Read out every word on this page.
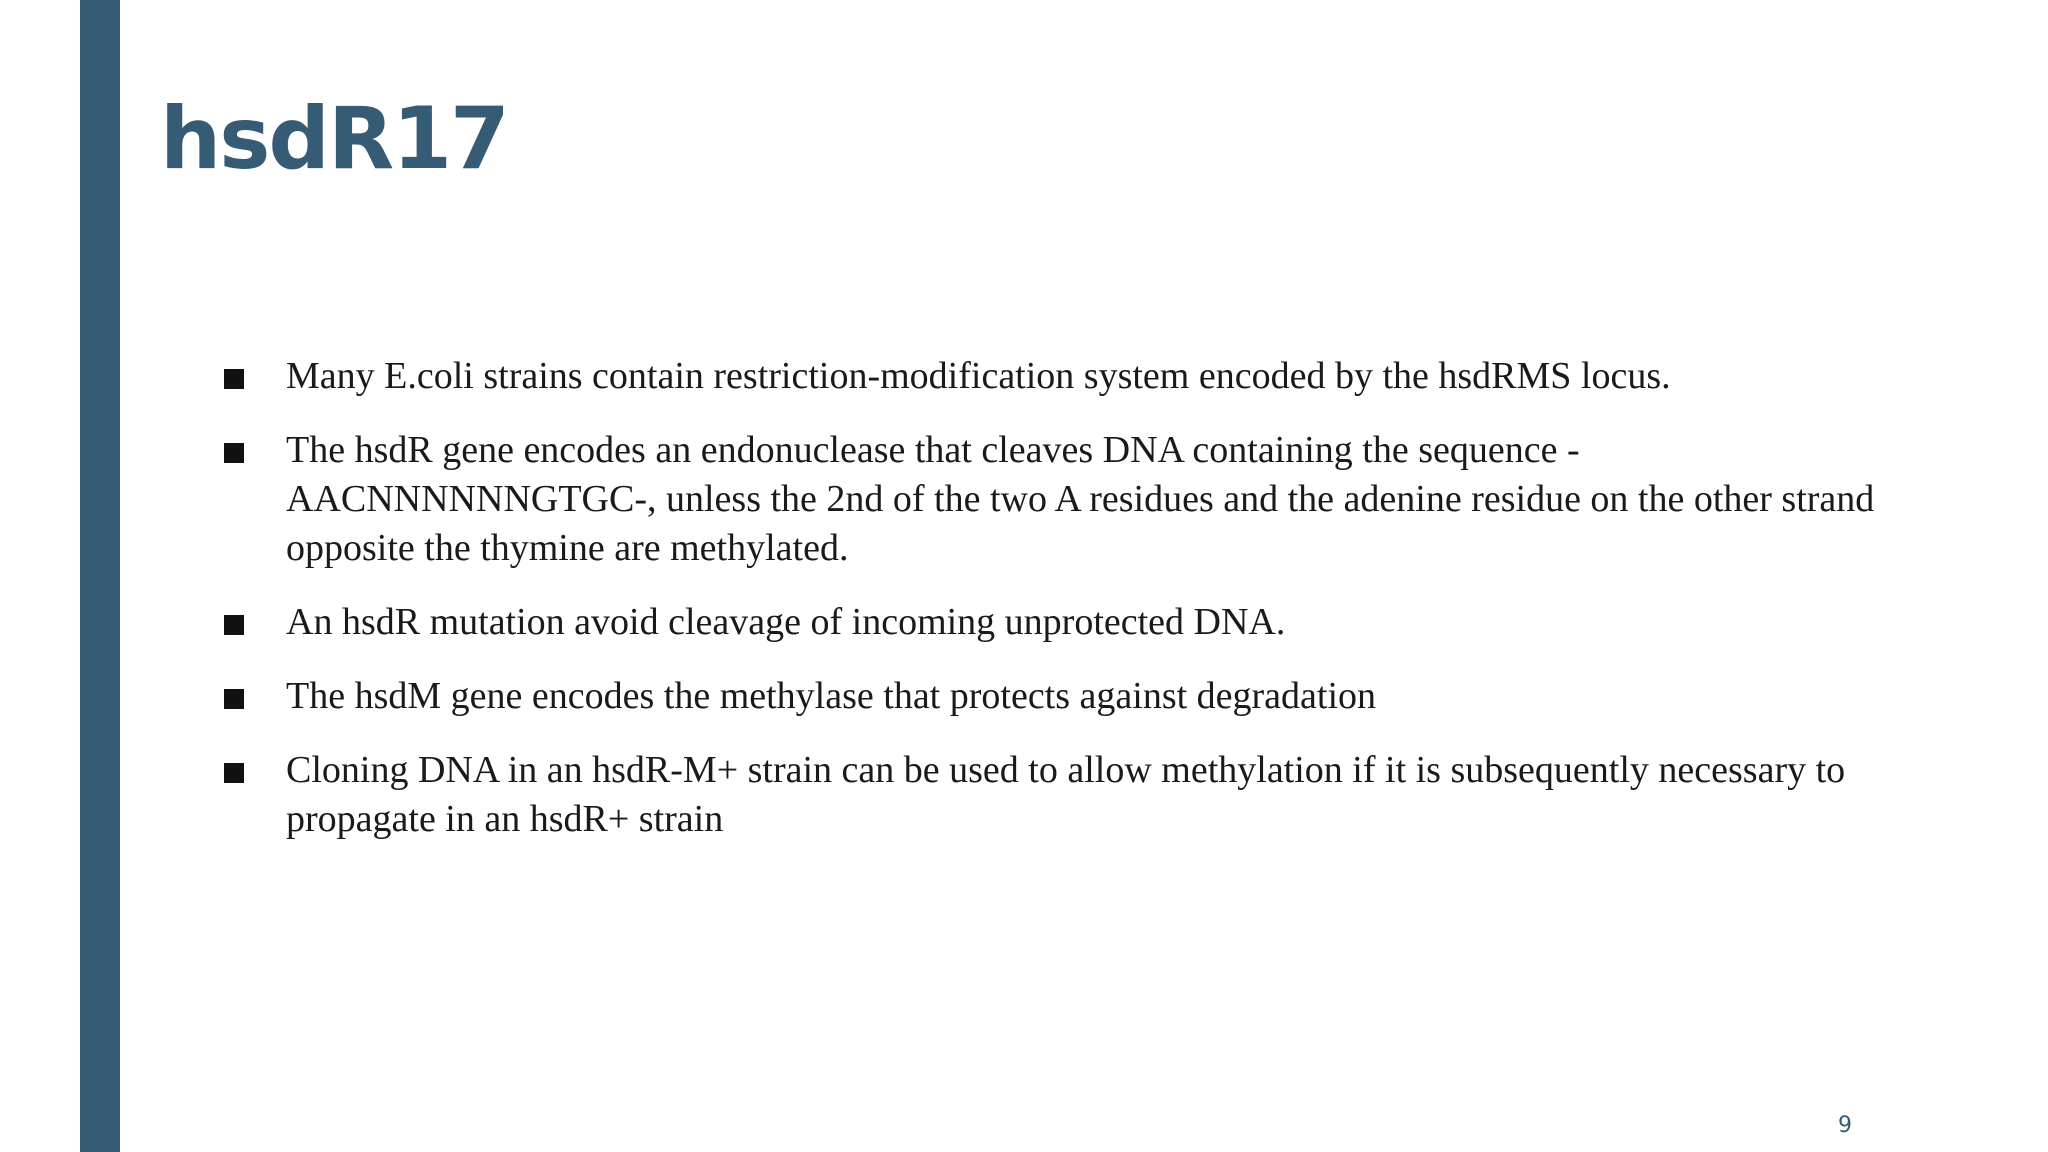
hsdR17
Many E.coli strains contain restriction-modification system encoded by the hsdRMS locus.
The hsdR gene encodes an endonuclease that cleaves DNA containing the sequence -AACNNNNNNGTGC-, unless the 2nd of the two A residues and the adenine residue on the other strand opposite the thymine are methylated.
An hsdR mutation avoid cleavage of incoming unprotected DNA.
The hsdM gene encodes the methylase that protects against degradation
Cloning DNA in an hsdR-M+ strain can be used to allow methylation if it is subsequently necessary to propagate in an hsdR+ strain
9
